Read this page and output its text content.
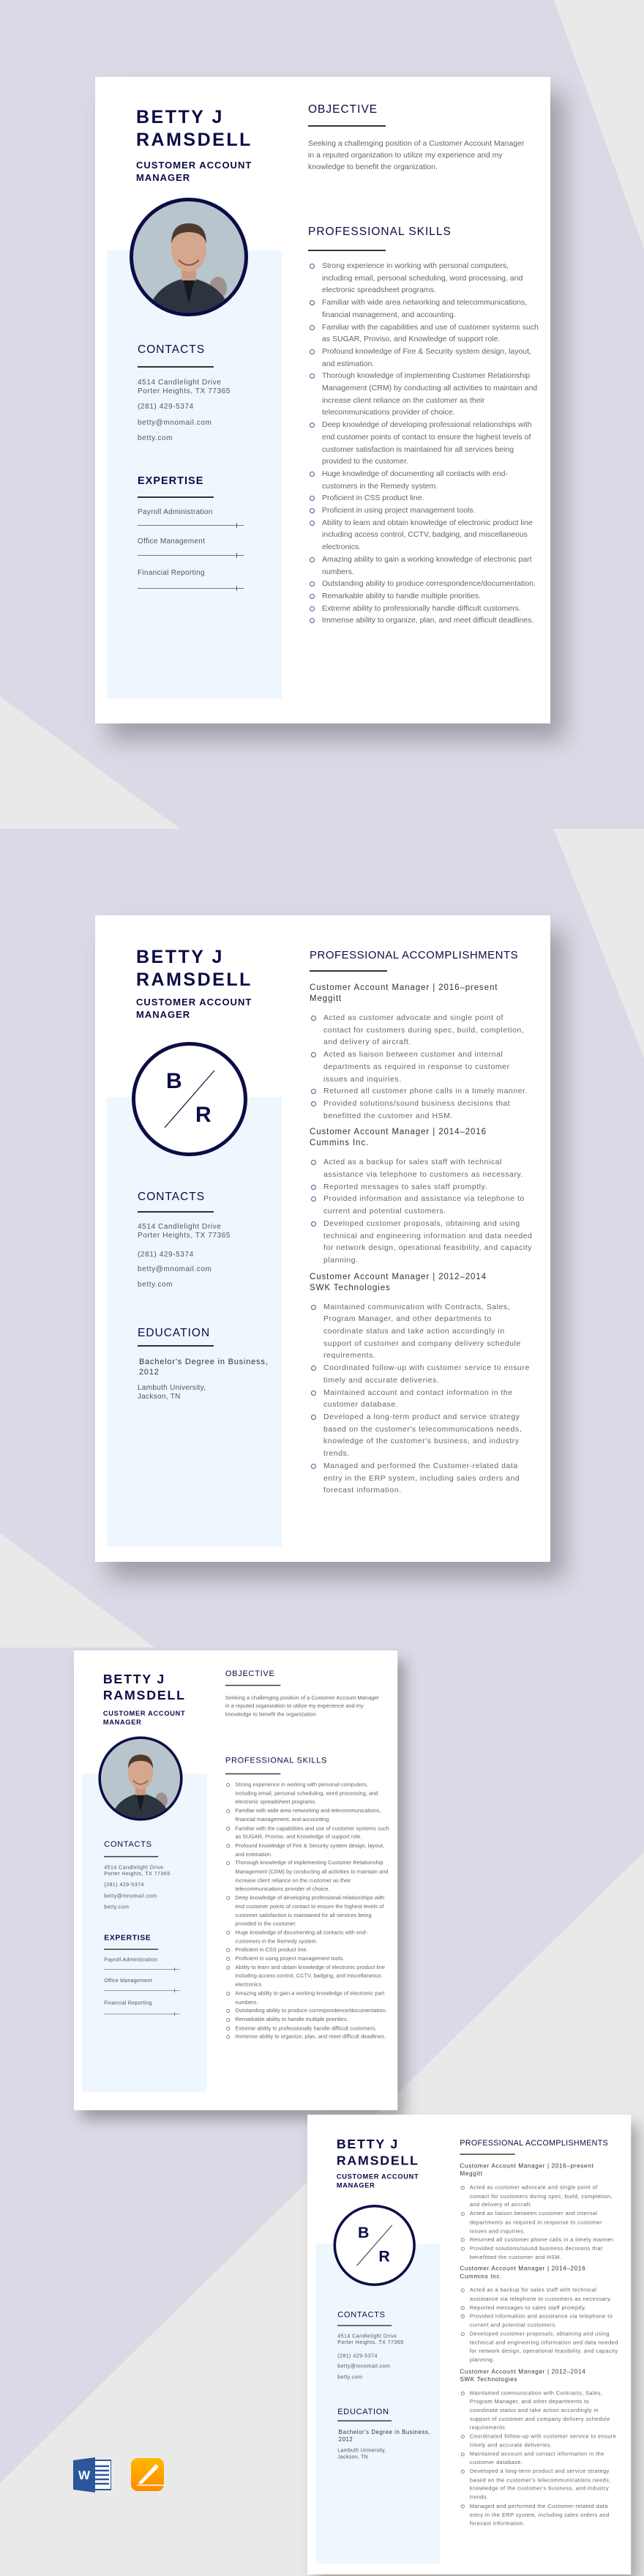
BETTY J
RAMSDELL
CUSTOMER ACCOUNT MANAGER
CONTACTS
4514 Candlelight Drive
Porter Heights, TX 77365
(281) 429-5374
betty@mnomail.com
betty.com
EXPERTISE
Payroll Administration
Office Management
Financial Reporting
OBJECTIVE
Seeking a challenging position of a Customer Account Manager in a reputed organization to utilize my experience and my knowledge to benefit the organization.
PROFESSIONAL SKILLS
Strong experience in working with personal computers, including email, personal scheduling, word processing, and electronic spreadsheet programs.
Familiar with wide area networking and telecommunications, financial management, and accounting.
Familiar with the capabilities and use of customer systems such as SUGAR, Proviso, and Knowledge of support role.
Profound knowledge of Fire & Security system design, layout, and estimation.
Thorough knowledge of implementing Customer Relationship Management (CRM) by conducting all activities to maintain and increase client reliance on the customer as their telecommunications provider of choice.
Deep knowledge of developing professional relationships with end customer points of contact to ensure the highest levels of customer satisfaction is maintained for all services being provided to the customer.
Huge knowledge of documenting all contacts with end-customers in the Remedy system.
Proficient in CSS product line.
Proficient in using project management tools.
Ability to learn and obtain knowledge of electronic product line including access control, CCTV, badging, and miscellaneous electronics.
Amazing ability to gain a working knowledge of electronic part numbers.
Outstanding ability to produce correspondence/documentation.
Remarkable ability to handle multiple priorities.
Extreme ability to professionally handle difficult customers.
Immense ability to organize, plan, and meet difficult deadlines.
BETTY J
RAMSDELL
CUSTOMER ACCOUNT MANAGER
B
R
CONTACTS
4514 Candlelight Drive
Porter Heights, TX 77365
(281) 429-5374
betty@mnomail.com
betty.com
EDUCATION
Bachelor's Degree in Business, 2012
Lambuth University,
Jackson, TN
PROFESSIONAL ACCOMPLISHMENTS
Customer Account Manager | 2016–present
Meggitt
Acted as customer advocate and single point of contact for customers during spec, build, completion, and delivery of aircraft.
Acted as liaison between customer and internal departments as required in response to customer issues and inquiries.
Returned all customer phone calls in a timely manner.
Provided solutions/sound business decisions that benefitted the customer and HSM.
Customer Account Manager | 2014–2016
Cummins Inc.
Acted as a backup for sales staff with technical assistance via telephone to customers as necessary.
Reported messages to sales staff promptly.
Provided information and assistance via telephone to current and potential customers.
Developed customer proposals, obtaining and using technical and engineering information and data needed for network design, operational feasibility, and capacity planning.
Customer Account Manager | 2012–2014
SWK Technologies
Maintained communication with Contracts, Sales, Program Manager, and other departments to coordinate status and take action accordingly in support of customer and company delivery schedule requirements.
Coordinated follow-up with customer service to ensure timely and accurate deliveries.
Maintained account and contact information in the customer database.
Developed a long-term product and service strategy based on the customer's telecommunications needs, knowledge of the customer's business, and industry trends.
Managed and performed the Customer-related data entry in the ERP system, including sales orders and forecast information.
BETTY J
RAMSDELL
CUSTOMER ACCOUNT MANAGER
CONTACTS
4514 Candlelight Drive
Porter Heights, TX 77365
(281) 429-5374
betty@mnomail.com
betty.com
EXPERTISE
Payroll Administration
Office Management
Financial Reporting
OBJECTIVE
Seeking a challenging position of a Customer Account Manager in a reputed organization to utilize my experience and my knowledge to benefit the organization.
PROFESSIONAL SKILLS
Strong experience in working with personal computers, including email, personal scheduling, word processing, and electronic spreadsheet programs.
Familiar with wide area networking and telecommunications, financial management, and accounting.
Familiar with the capabilities and use of customer systems such as SUGAR, Proviso, and Knowledge of support role.
Profound knowledge of Fire & Security system design, layout, and estimation.
Thorough knowledge of implementing Customer Relationship Management (CRM) by conducting all activities to maintain and increase client reliance on the customer as their telecommunications provider of choice.
Deep knowledge of developing professional relationships with end customer points of contact to ensure the highest levels of customer satisfaction is maintained for all services being provided to the customer.
Huge knowledge of documenting all contacts with end-customers in the Remedy system.
Proficient in CSS product line.
Proficient in using project management tools.
Ability to learn and obtain knowledge of electronic product line including access control, CCTV, badging, and miscellaneous electronics.
Amazing ability to gain a working knowledge of electronic part numbers.
Outstanding ability to produce correspondence/documentation.
Remarkable ability to handle multiple priorities.
Extreme ability to professionally handle difficult customers.
Immense ability to organize, plan, and meet difficult deadlines.
BETTY J
RAMSDELL
CUSTOMER ACCOUNT MANAGER
B
R
CONTACTS
4514 Candlelight Drive
Porter Heights, TX 77365
(281) 429-5374
betty@mnomail.com
betty.com
EDUCATION
Bachelor's Degree in Business, 2012
Lambuth University,
Jackson, TN
PROFESSIONAL ACCOMPLISHMENTS
Customer Account Manager | 2016–present
Meggitt
Acted as customer advocate and single point of contact for customers during spec, build, completion, and delivery of aircraft.
Acted as liaison between customer and internal departments as required in response to customer issues and inquiries.
Returned all customer phone calls in a timely manner.
Provided solutions/sound business decisions that benefitted the customer and HSM.
Customer Account Manager | 2014–2016
Cummins Inc.
Acted as a backup for sales staff with technical assistance via telephone to customers as necessary.
Reported messages to sales staff promptly.
Provided information and assistance via telephone to current and potential customers.
Developed customer proposals, obtaining and using technical and engineering information and data needed for network design, operational feasibility, and capacity planning.
Customer Account Manager | 2012–2014
SWK Technologies
Maintained communication with Contracts, Sales, Program Manager, and other departments to coordinate status and take action accordingly in support of customer and company delivery schedule requirements.
Coordinated follow-up with customer service to ensure timely and accurate deliveries.
Maintained account and contact information in the customer database.
Developed a long-term product and service strategy based on the customer's telecommunications needs, knowledge of the customer's business, and industry trends.
Managed and performed the Customer-related data entry in the ERP system, including sales orders and forecast information.
W
